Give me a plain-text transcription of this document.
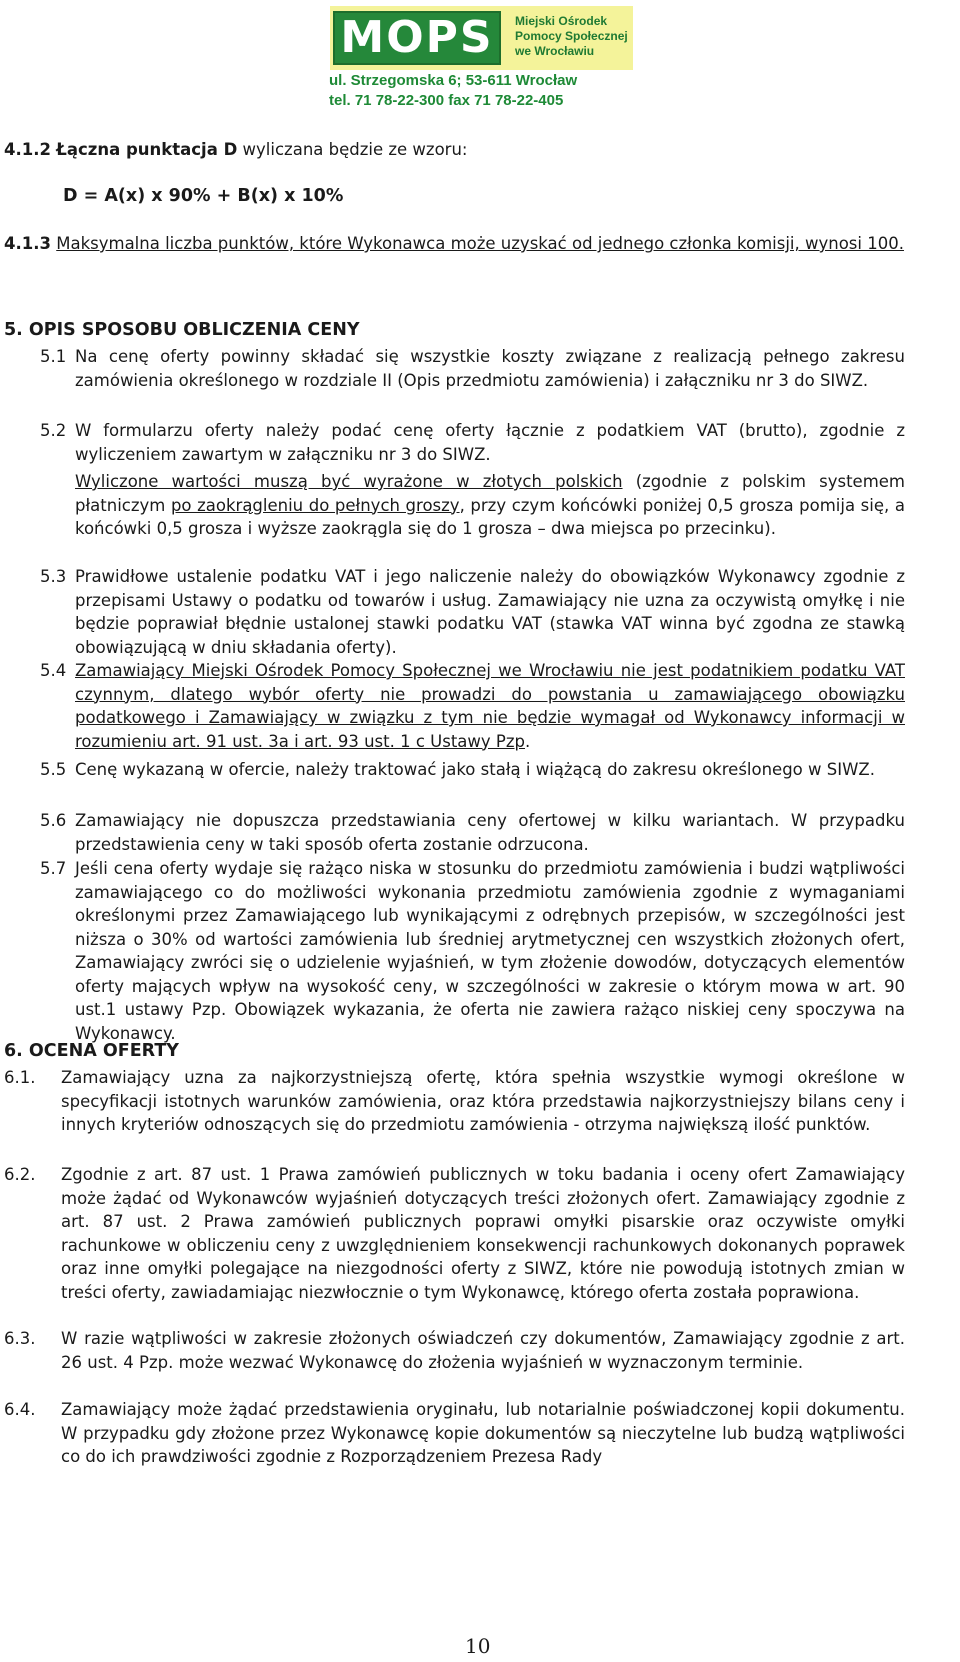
MOPS Miejski Ośrodek
Pomocy Społecznej
we Wrocławiu
ul. Strzegomska 6; 53-611 Wrocław
tel. 71 78-22-300 fax 71 78-22-405
4.1.2 Łączna punktacja D wyliczana będzie ze wzoru:
D = A(x) x 90% + B(x) x 10%
4.1.3 Maksymalna liczba punktów, które Wykonawca może uzyskać od jednego członka komisji, wynosi 100.
5. OPIS SPOSOBU OBLICZENIA CENY
5.1 Na cenę oferty powinny składać się wszystkie koszty związane z realizacją pełnego zakresu zamówienia określonego w rozdziale II (Opis przedmiotu zamówienia) i załączniku nr 3 do SIWZ.
5.2 W formularzu oferty należy podać cenę oferty łącznie z podatkiem VAT (brutto), zgodnie z wyliczeniem zawartym w załączniku nr 3 do SIWZ.
Wyliczone wartości muszą być wyrażone w złotych polskich (zgodnie z polskim systemem płatniczym po zaokrągleniu do pełnych groszy, przy czym końcówki poniżej 0,5 grosza pomija się, a końcówki 0,5 grosza i wyższe zaokrągla się do 1 grosza – dwa miejsca po przecinku).
5.3 Prawidłowe ustalenie podatku VAT i jego naliczenie należy do obowiązków Wykonawcy zgodnie z przepisami Ustawy o podatku od towarów i usług. Zamawiający nie uzna za oczywistą omyłkę i nie będzie poprawiał błędnie ustalonej stawki podatku VAT (stawka VAT winna być zgodna ze stawką obowiązującą w dniu składania oferty).
5.4 Zamawiający Miejski Ośrodek Pomocy Społecznej we Wrocławiu nie jest podatnikiem podatku VAT czynnym, dlatego wybór oferty nie prowadzi do powstania u zamawiającego obowiązku podatkowego i Zamawiający w związku z tym nie będzie wymagał od Wykonawcy informacji w rozumieniu art. 91 ust. 3a i art. 93 ust. 1 c Ustawy Pzp.
5.5 Cenę wykazaną w ofercie, należy traktować jako stałą i wiążącą do zakresu określonego w SIWZ.
5.6 Zamawiający nie dopuszcza przedstawiania ceny ofertowej w kilku wariantach. W przypadku przedstawienia ceny w taki sposób oferta zostanie odrzucona.
5.7 Jeśli cena oferty wydaje się rażąco niska w stosunku do przedmiotu zamówienia i budzi wątpliwości zamawiającego co do możliwości wykonania przedmiotu zamówienia zgodnie z wymaganiami określonymi przez Zamawiającego lub wynikającymi z odrębnych przepisów, w szczególności jest niższa o 30% od wartości zamówienia lub średniej arytmetycznej cen wszystkich złożonych ofert, Zamawiający zwróci się o udzielenie wyjaśnień, w tym złożenie dowodów, dotyczących elementów oferty mających wpływ na wysokość ceny, w szczególności w zakresie o którym mowa w art. 90 ust.1 ustawy Pzp. Obowiązek wykazania, że oferta nie zawiera rażąco niskiej ceny spoczywa na Wykonawcy.
6. OCENA OFERTY
6.1. Zamawiający uzna za najkorzystniejszą ofertę, która spełnia wszystkie wymogi określone w specyfikacji istotnych warunków zamówienia, oraz która przedstawia najkorzystniejszy bilans ceny i innych kryteriów odnoszących się do przedmiotu zamówienia - otrzyma największą ilość punktów.
6.2. Zgodnie z art. 87 ust. 1 Prawa zamówień publicznych w toku badania i oceny ofert Zamawiający może żądać od Wykonawców wyjaśnień dotyczących treści złożonych ofert. Zamawiający zgodnie z art. 87 ust. 2 Prawa zamówień publicznych poprawi omyłki pisarskie oraz oczywiste omyłki rachunkowe w obliczeniu ceny z uwzględnieniem konsekwencji rachunkowych dokonanych poprawek oraz inne omyłki polegające na niezgodności oferty z SIWZ, które nie powodują istotnych zmian w treści oferty, zawiadamiając niezwłocznie o tym Wykonawcę, którego oferta została poprawiona.
6.3. W razie wątpliwości w zakresie złożonych oświadczeń czy dokumentów, Zamawiający zgodnie z art. 26 ust. 4 Pzp. może wezwać Wykonawcę do złożenia wyjaśnień w wyznaczonym terminie.
6.4. Zamawiający może żądać przedstawienia oryginału, lub notarialnie poświadczonej kopii dokumentu. W przypadku gdy złożone przez Wykonawcę kopie dokumentów są nieczytelne lub budzą wątpliwości co do ich prawdziwości zgodnie z Rozporządzeniem Prezesa Rady
10
